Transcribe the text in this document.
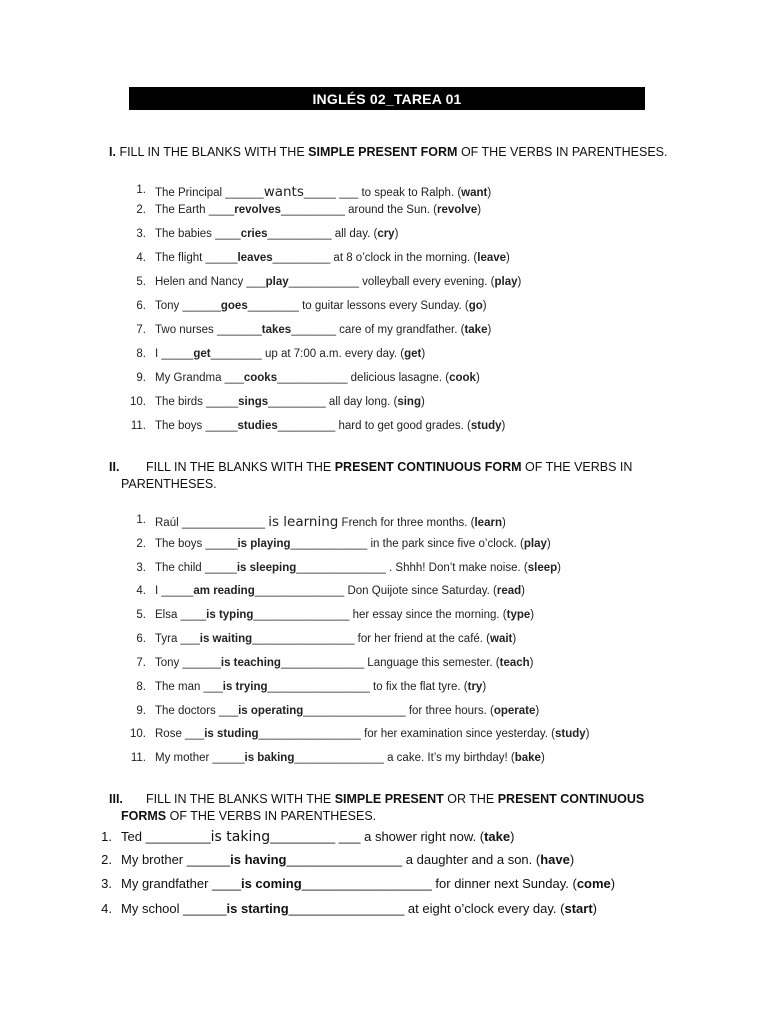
INGLÉS 02_TAREA 01
I. FILL IN THE BLANKS WITH THE SIMPLE PRESENT FORM OF THE VERBS IN PARENTHESES.
1. The Principal ______wants_____ ___ to speak to Ralph. (want)
2. The Earth ____revolves__________ around the Sun. (revolve)
3. The babies ____cries__________ all day. (cry)
4. The flight _____leaves_________ at 8 o’clock in the morning. (leave)
5. Helen and Nancy ___play___________ volleyball every evening. (play)
6. Tony ______goes________ to guitar lessons every Sunday. (go)
7. Two nurses _______takes_______ care of my grandfather. (take)
8. I _____get________ up at 7:00 a.m. every day. (get)
9. My Grandma ___cooks___________ delicious lasagne. (cook)
10. The birds _____sings_________ all day long. (sing)
11. The boys _____studies_________ hard to get good grades. (study)
II. FILL IN THE BLANKS WITH THE PRESENT CONTINUOUS FORM OF THE VERBS IN
PARENTHESES.
1. Raúl _____________ is learning French for three months. (learn)
2. The boys _____is playing____________ in the park since five o’clock. (play)
3. The child _____is sleeping______________ . Shhh! Don’t make noise. (sleep)
4. I _____am reading______________ Don Quijote since Saturday. (read)
5. Elsa ____is typing_______________ her essay since the morning. (type)
6. Tyra ___is waiting________________ for her friend at the café. (wait)
7. Tony ______is teaching_____________ Language this semester. (teach)
8. The man ___is trying________________ to fix the flat tyre. (try)
9. The doctors ___is operating________________ for three hours. (operate)
10. Rose ___is studing________________ for her examination since yesterday. (study)
11. My mother _____is baking______________ a cake. It’s my birthday! (bake)
III. FILL IN THE BLANKS WITH THE SIMPLE PRESENT OR THE PRESENT CONTINUOUS
FORMS OF THE VERBS IN PARENTHESES.
1. Ted _________is taking_________ ___ a shower right now. (take)
2. My brother ______is having________________ a daughter and a son. (have)
3. My grandfather ____is coming__________________ for dinner next Sunday. (come)
4. My school ______is starting________________ at eight o’clock every day. (start)
